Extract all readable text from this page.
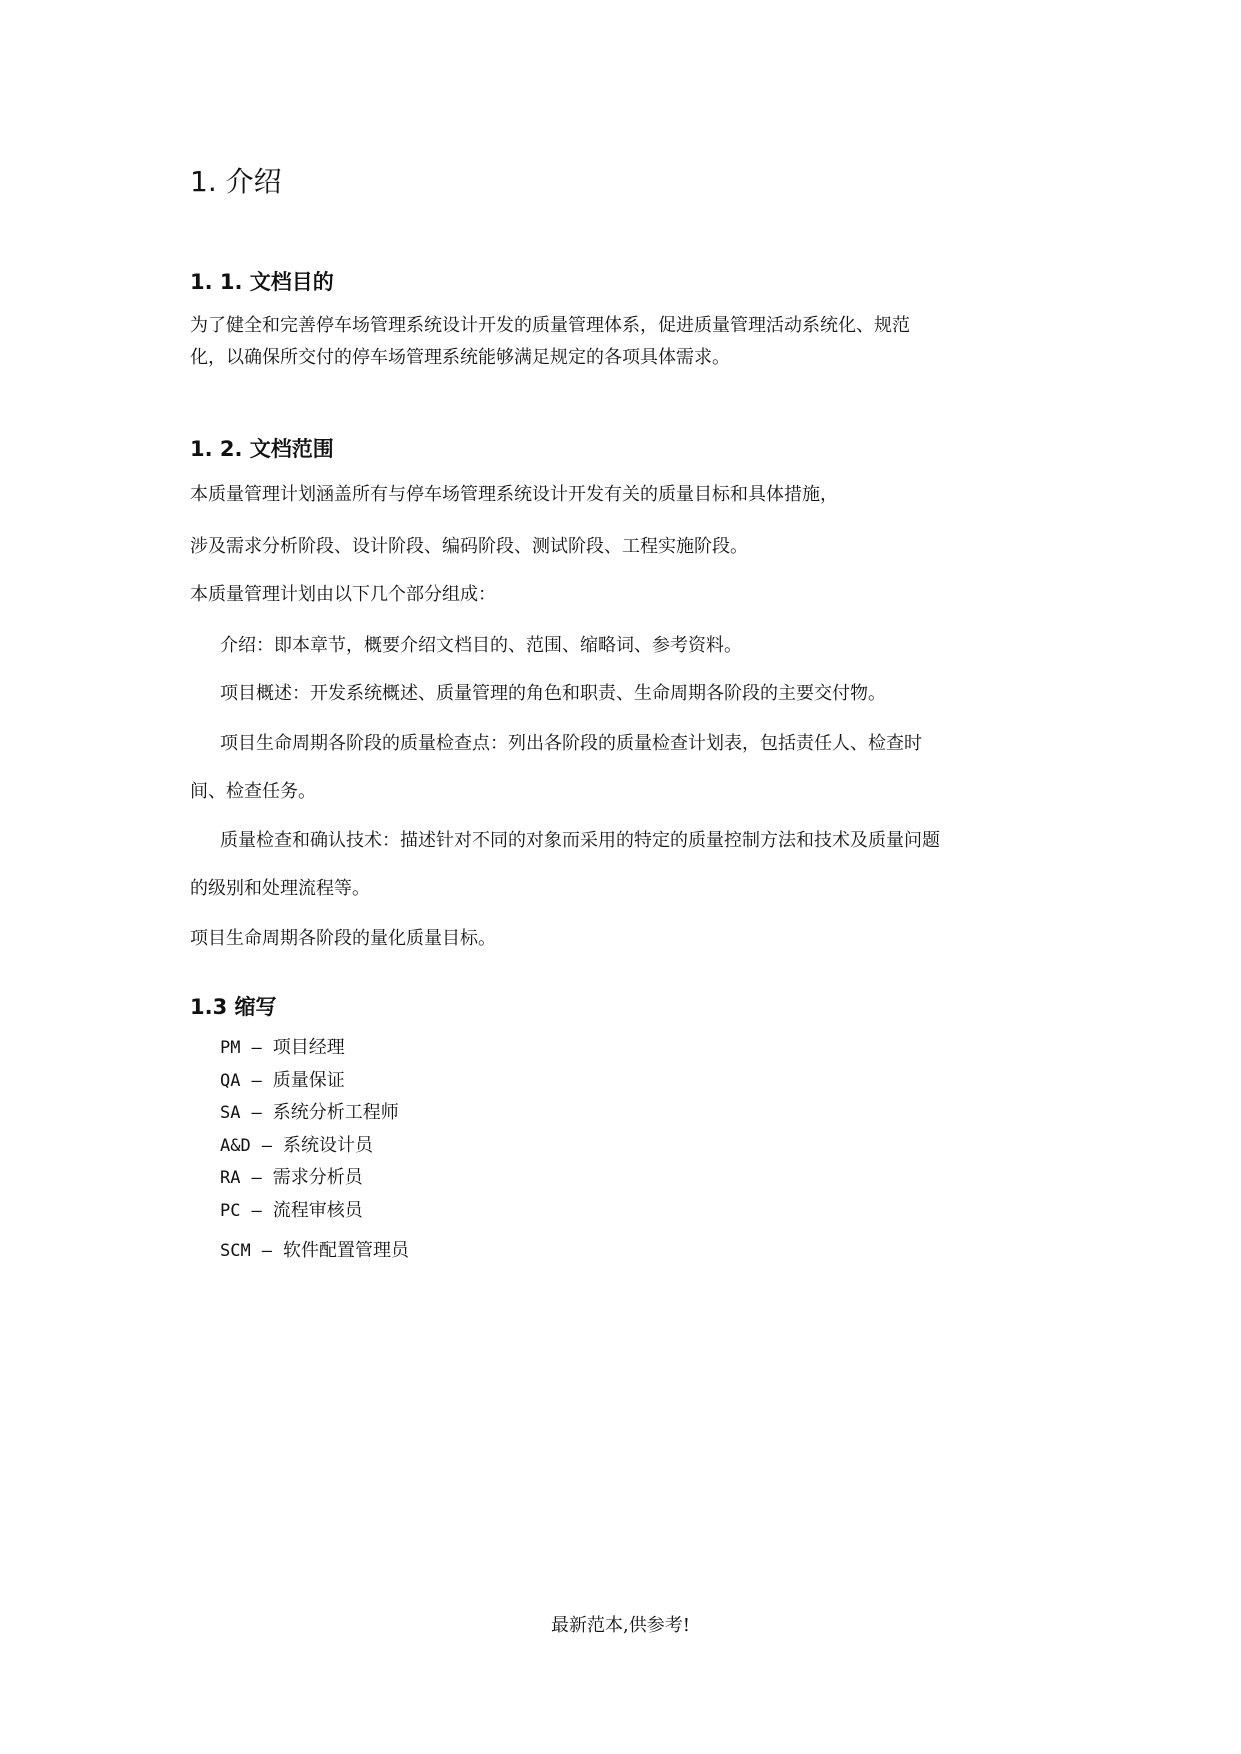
1. 介绍
1. 1. 文档目的

为了健全和完善停车场管理系统设计开发的质量管理体系，促进质量管理活动系统化、规范

化，以确保所交付的停车场管理系统能够满足规定的各项具体需求。

1. 2. 文档范围

本质量管理计划涵盖所有与停车场管理系统设计开发有关的质量目标和具体措施，

涉及需求分析阶段、设计阶段、编码阶段、测试阶段、工程实施阶段。

本质量管理计划由以下几个部分组成：

介绍：即本章节，概要介绍文档目的、范围、缩略词、参考资料。

项目概述：开发系统概述、质量管理的角色和职责、生命周期各阶段的主要交付物。

项目生命周期各阶段的质量检查点：列出各阶段的质量检查计划表，包括责任人、检查时

间、检查任务。

质量检查和确认技术：描述针对不同的对象而采用的特定的质量控制方法和技术及质量问题

的级别和处理流程等。

项目生命周期各阶段的量化质量目标。

1.3 缩写
PM – 项目经理
QA – 质量保证
SA – 系统分析工程师
A&D – 系统设计员
RA – 需求分析员
PC – 流程审核员
SCM – 软件配置管理员
最新范本,供参考!
